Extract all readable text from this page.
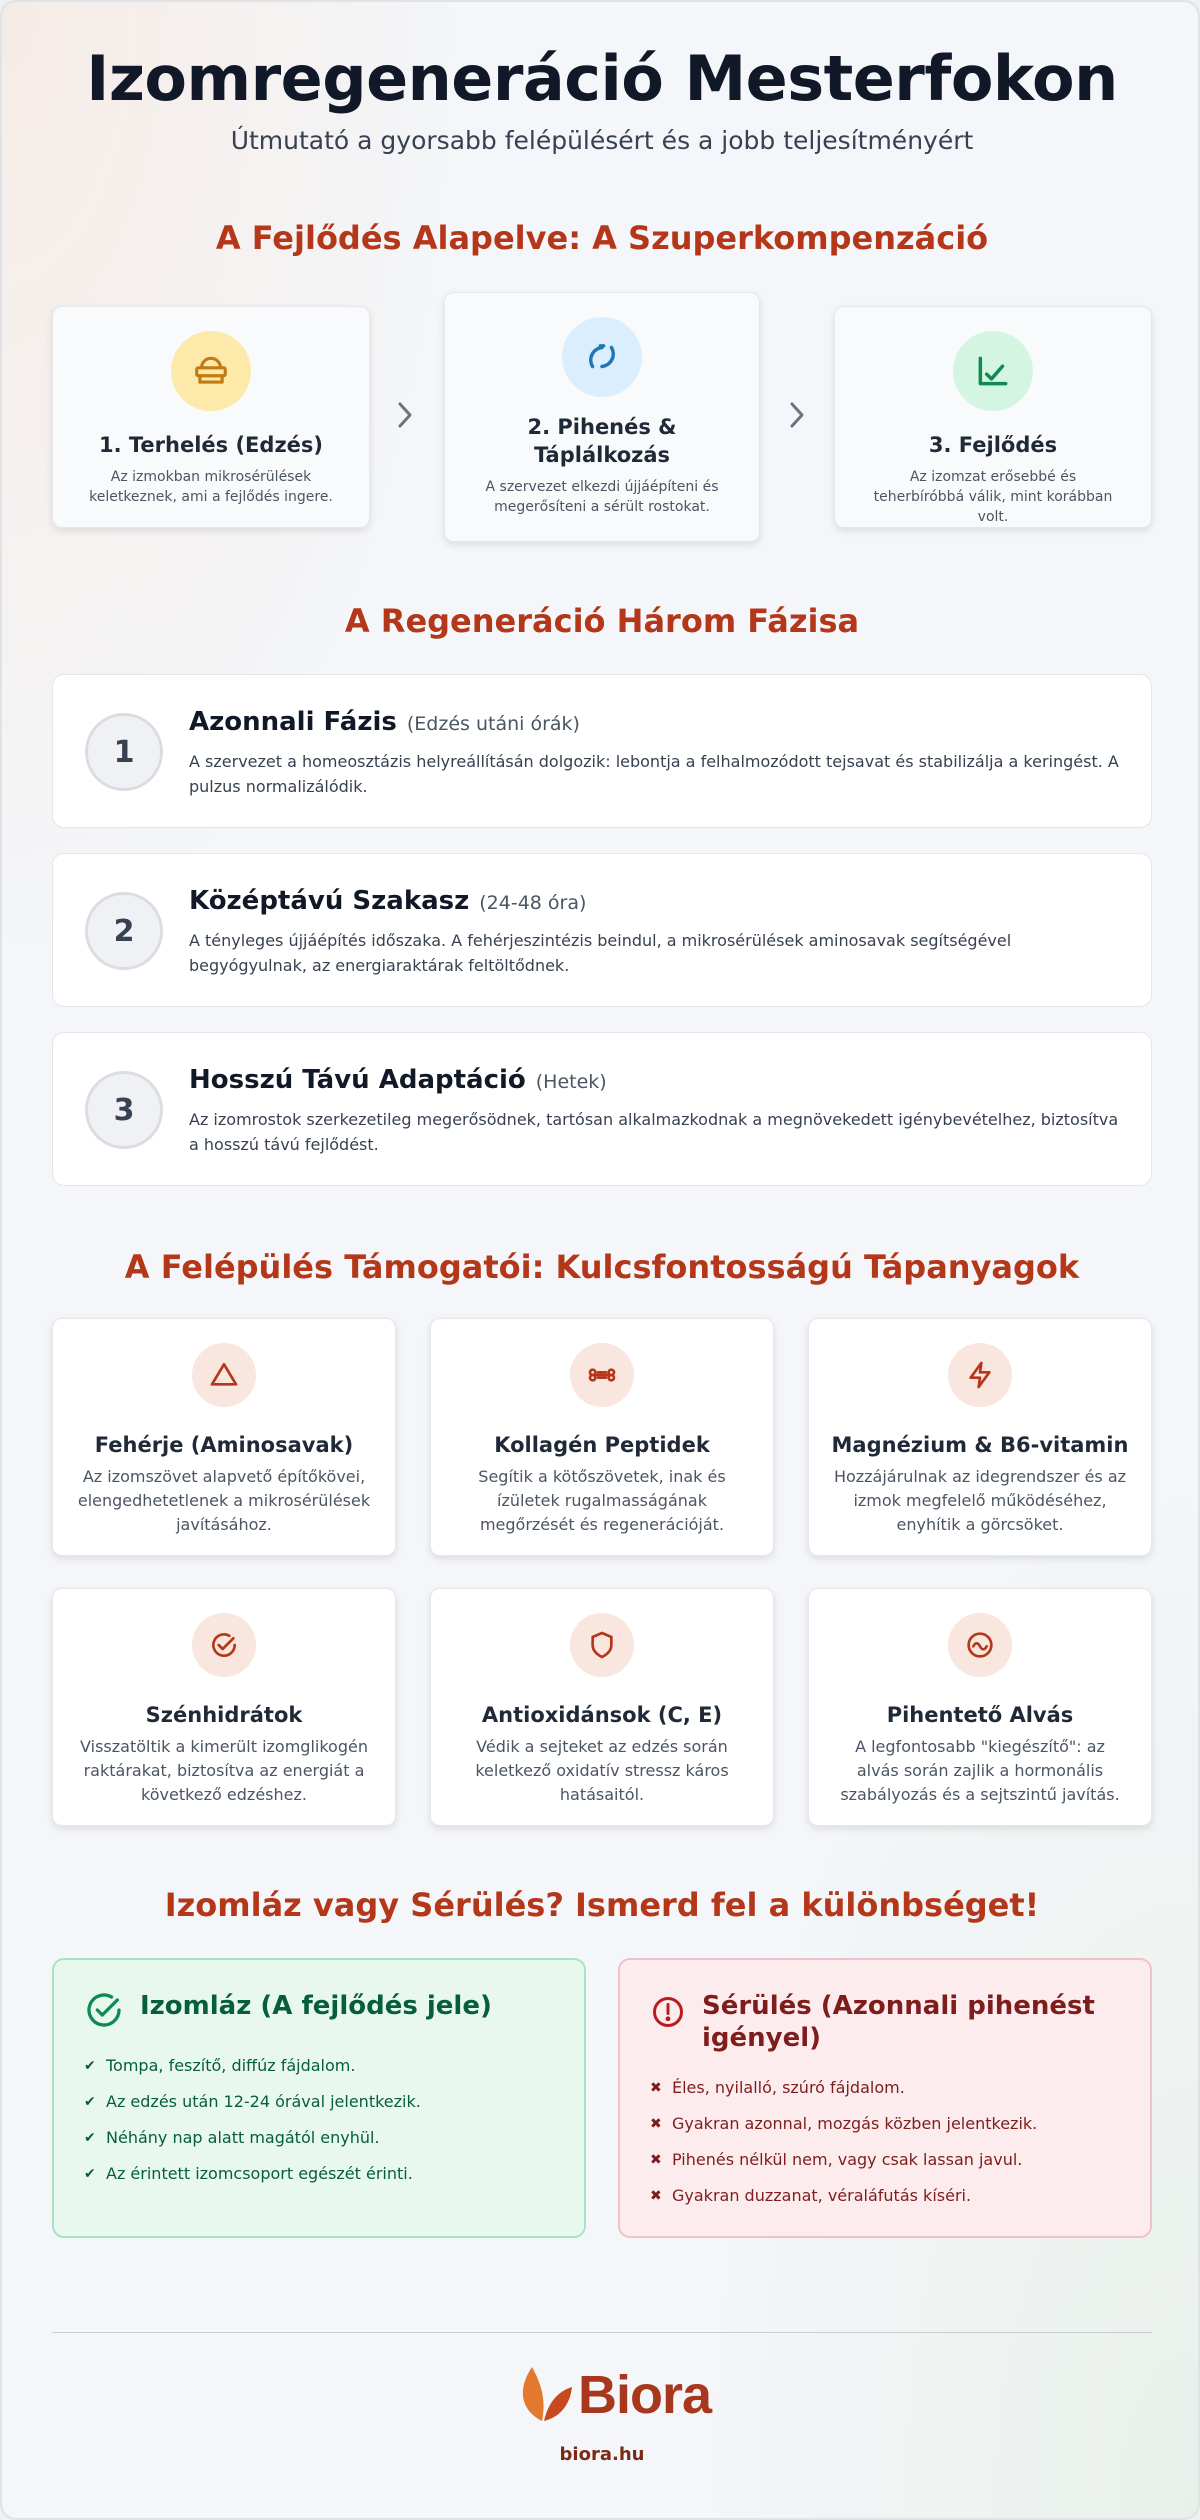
Izomregeneráció Mesterfokon
Útmutató a gyorsabb felépülésért és a jobb teljesítményért
A Fejlődés Alapelve: A Szuperkompenzáció
1. Terhelés (Edzés)

Az izmokban mikrosérülések keletkeznek, ami a fejlődés ingere.

2. Pihenés & Táplálkozás

A szervezet elkezdi újjáépíteni és megerősíteni a sérült rostokat.

3. Fejlődés

Az izomzat erősebbé és teherbíróbbá válik, mint korábban volt.

A Regeneráció Három Fázisa
1
Azonnali Fázis (Edzés utáni órák)
A szervezet a homeosztázis helyreállításán dolgozik: lebontja a felhalmozódott tejsavat és stabilizálja a keringést. A pulzus normalizálódik.
2
Középtávú Szakasz (24-48 óra)
A tényleges újjáépítés időszaka. A fehérjeszintézis beindul, a mikrosérülések aminosavak segítségével begyógyulnak, az energiaraktárak feltöltődnek.
3
Hosszú Távú Adaptáció (Hetek)
Az izomrostok szerkezetileg megerősödnek, tartósan alkalmazkodnak a megnövekedett igénybevételhez, biztosítva a hosszú távú fejlődést.
A Felépülés Támogatói: Kulcsfontosságú Tápanyagok
Fehérje (Aminosavak)

Az izomszövet alapvető építőkövei, elengedhetetlenek a mikrosérülések javításához.

Kollagén Peptidek

Segítik a kötőszövetek, inak és ízületek rugalmasságának megőrzését és regenerációját.

Magnézium & B6-vitamin

Hozzájárulnak az idegrendszer és az izmok megfelelő működéséhez, enyhítik a görcsöket.

Szénhidrátok

Visszatöltik a kimerült izomglikogén raktárakat, biztosítva az energiát a következő edzéshez.

Antioxidánsok (C, E)

Védik a sejteket az edzés során keletkező oxidatív stressz káros hatásaitól.

Pihentető Alvás

A legfontosabb "kiegészítő": az alvás során zajlik a hormonális szabályozás és a sejtszintű javítás.

Izomláz vagy Sérülés? Ismerd fel a különbséget!
Izomláz (A fejlődés jele)
✔ Tompa, feszítő, diffúz fájdalom.
✔ Az edzés után 12-24 órával jelentkezik.
✔ Néhány nap alatt magától enyhül.
✔ Az érintett izomcsoport egészét érinti.
Sérülés (Azonnali pihenést igényel)
✖ Éles, nyilalló, szúró fájdalom.
✖ Gyakran azonnal, mozgás közben jelentkezik.
✖ Pihenés nélkül nem, vagy csak lassan javul.
✖ Gyakran duzzanat, véraláfutás kíséri.
Biora
biora.hu
